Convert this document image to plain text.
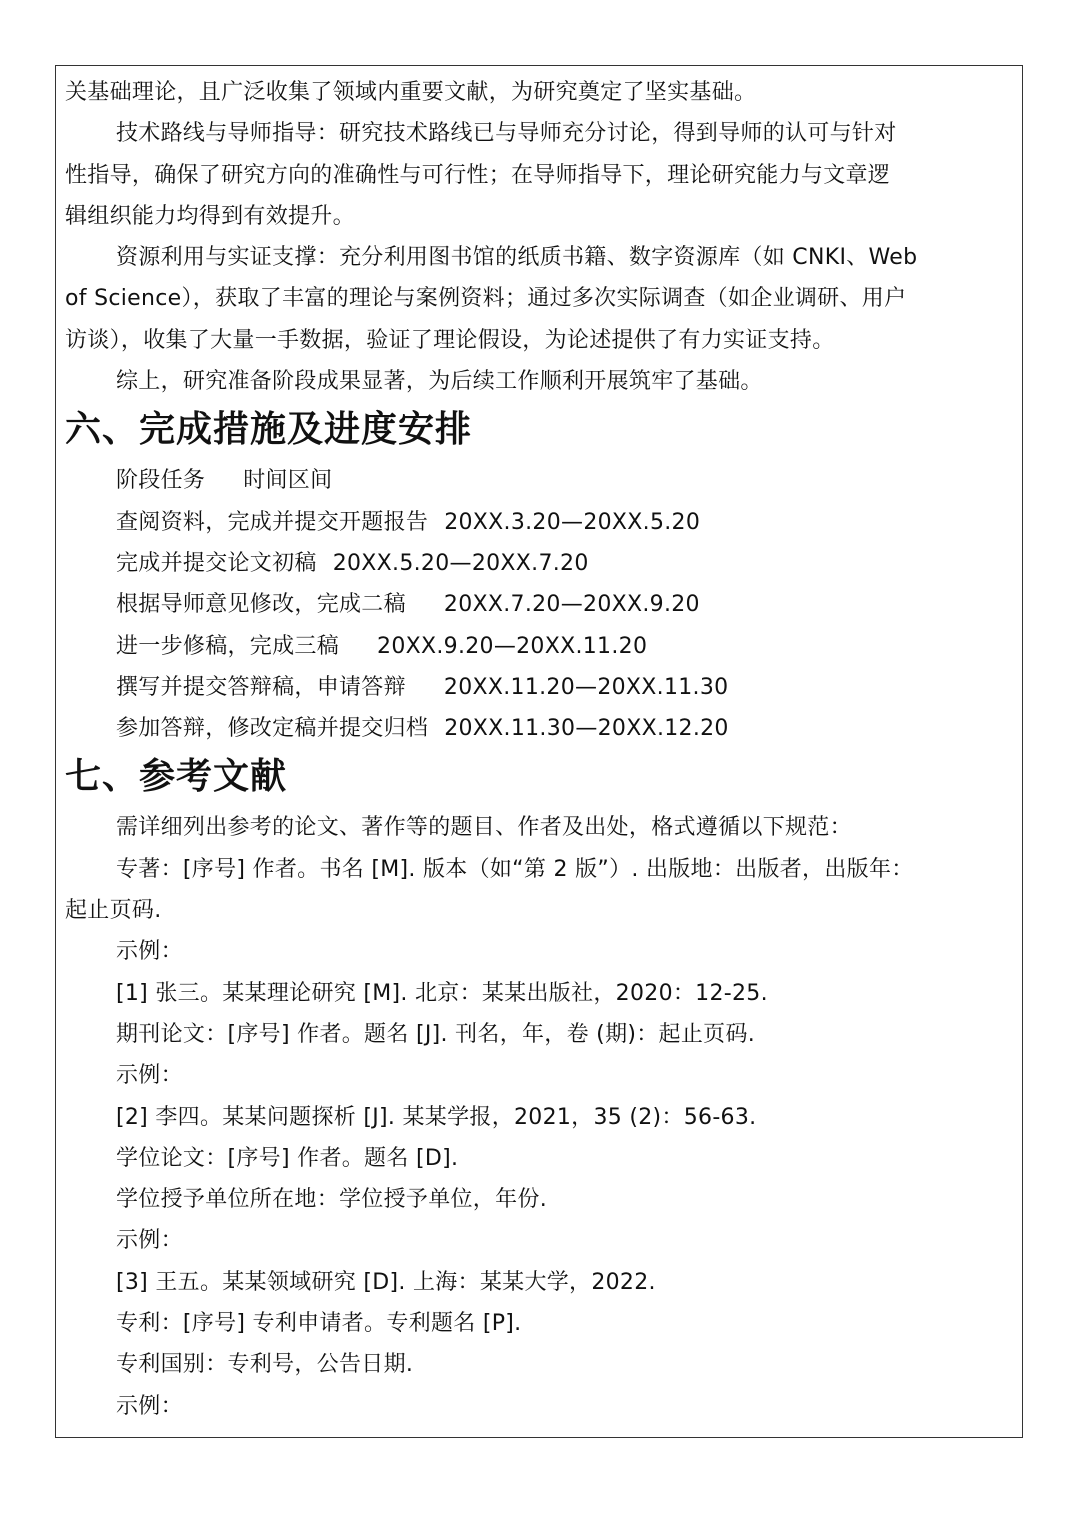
关基础理论，且广泛收集了领域内重要文献，为研究奠定了坚实基础。
技术路线与导师指导：研究技术路线已与导师充分讨论，得到导师的认可与针对
性指导，确保了研究方向的准确性与可行性；在导师指导下，理论研究能力与文章逻
辑组织能力均得到有效提升。
资源利用与实证支撑：充分利用图书馆的纸质书籍、数字资源库（如 CNKI、Web
of Science），获取了丰富的理论与案例资料；通过多次实际调查（如企业调研、用户
访谈），收集了大量一手数据，验证了理论假设，为论述提供了有力实证支持。
综上，研究准备阶段成果显著，为后续工作顺利开展筑牢了基础。
六、完成措施及进度安排
阶段任务 时间区间
查阅资料，完成并提交开题报告 20XX.3.20—20XX.5.20
完成并提交论文初稿 20XX.5.20—20XX.7.20
根据导师意见修改，完成二稿 20XX.7.20—20XX.9.20
进一步修稿，完成三稿 20XX.9.20—20XX.11.20
撰写并提交答辩稿，申请答辩 20XX.11.20—20XX.11.30
参加答辩，修改定稿并提交归档 20XX.11.30—20XX.12.20
七、参考文献
需详细列出参考的论文、著作等的题目、作者及出处，格式遵循以下规范：
专著：[序号] 作者。书名 [M]. 版本（如“第 2 版”）. 出版地：出版者，出版年：
起止页码.
示例：
[1] 张三。某某理论研究 [M]. 北京：某某出版社，2020：12-25.
期刊论文：[序号] 作者。题名 [J]. 刊名，年，卷 (期)：起止页码.
示例：
[2] 李四。某某问题探析 [J]. 某某学报，2021，35 (2)：56-63.
学位论文：[序号] 作者。题名 [D].
学位授予单位所在地：学位授予单位，年份.
示例：
[3] 王五。某某领域研究 [D]. 上海：某某大学，2022.
专利：[序号] 专利申请者。专利题名 [P].
专利国别：专利号，公告日期.
示例：
